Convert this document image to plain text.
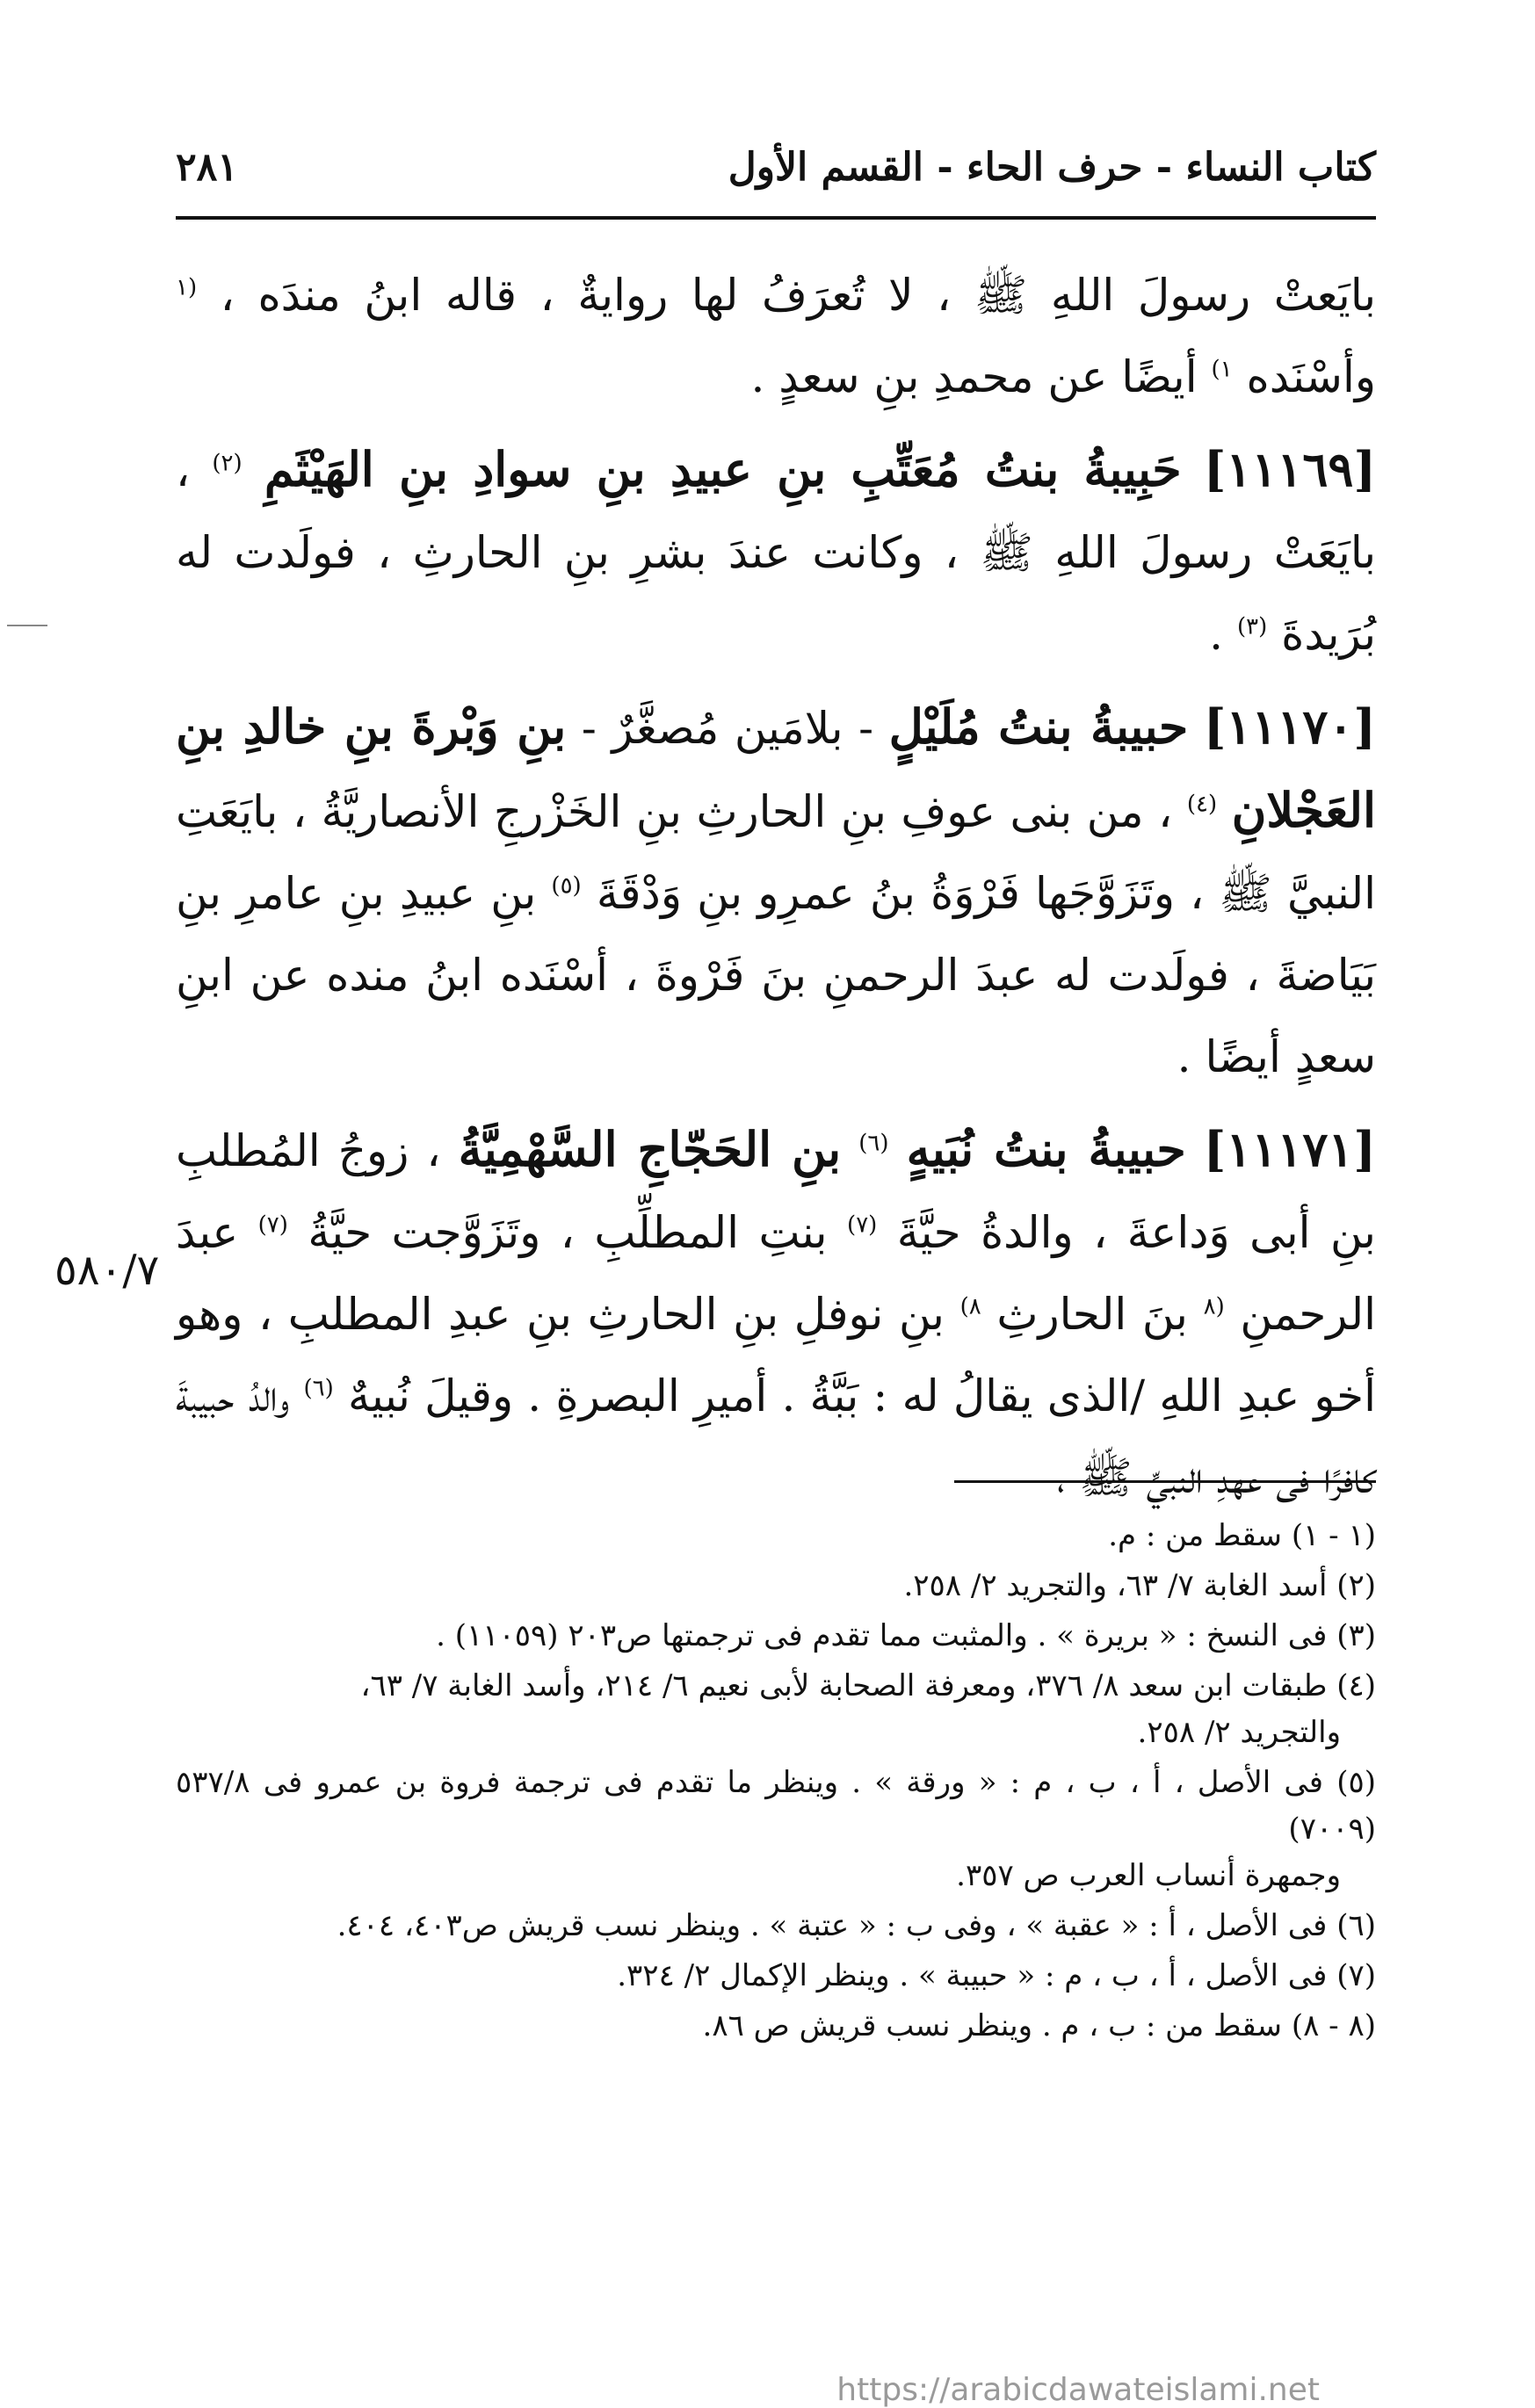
كتاب النساء - حرف الحاء - القسم الأول
٢٨١
٥٨٠/٧

بايَعتْ رسولَ اللهِ ﷺ ، لا تُعرَفُ لها روايةٌ ، قاله ابنُ مندَه ، $^{(١}$ وأسْنَده $^{١)}$ أيضًا عن محمدِ بنِ سعدٍ .

[١١١٦٩] حَبِيبةُ بنتُ مُعَتِّبِ بنِ عبيدِ بنِ سوادِ بنِ الهَيْثَمِ $^{(٢)}$ ، بايَعَتْ رسولَ اللهِ ﷺ ، وكانت عندَ بشرِ بنِ الحارثِ ، فولَدت له بُرَيدةَ $^{(٣)}$ .

[١١١٧٠] حبيبةُ بنتُ مُلَيْلٍ - بلامَين مُصغَّرٌ - بنِ وَبْرةَ بنِ خالدِ بنِ العَجْلانِ $^{(٤)}$ ، من بنى عوفِ بنِ الحارثِ بنِ الخَزْرجِ الأنصاريَّةُ ، بايَعَتِ النبيَّ ﷺ ، وتَزَوَّجَها فَرْوَةُ بنُ عمرِو بنِ وَدْقَةَ $^{(٥)}$ بنِ عبيدِ بنِ عامرِ بنِ بَيَاضةَ ، فولَدت له عبدَ الرحمنِ بنَ فَرْوةَ ، أسْنَده ابنُ منده عن ابنِ سعدٍ أيضًا .

[١١١٧١] حبيبةُ بنتُ نُبَيهٍ $^{(٦)}$ بنِ الحَجّاجِ السَّهْمِيَّةُ ، زوجُ المُطلبِ بنِ أبى وَداعةَ ، والدةُ حيَّةَ $^{(٧)}$ بنتِ المطلِّبِ ، وتَزَوَّجت حيَّةُ $^{(٧)}$ عبدَ الرحمنِ $^{(٨}$ بنَ الحارثِ $^{٨)}$ بنِ نوفلِ بنِ الحارثِ بنِ عبدِ المطلبِ ، وهو أخو عبدِ اللهِ /الذى يقالُ له : بَبَّةُ . أميرِ البصرةِ . وقيلَ نُبيهٌ $^{(٦)}$ والدُ حبيبةَ كافرًا فى عهدِ النبيِّ ﷺ ،

(١ - ١) سقط من : م.

(٢) أسد الغابة ٧/ ٦٣، والتجريد ٢/ ٢٥٨.

(٣) فى النسخ : « بريرة » . والمثبت مما تقدم فى ترجمتها ص٢٠٣ (١١٠٥٩) .

(٤) طبقات ابن سعد ٨/ ٣٧٦، ومعرفة الصحابة لأبى نعيم ٦/ ٢١٤، وأسد الغابة ٧/ ٦٣،
والتجريد ٢/ ٢٥٨.

(٥) فى الأصل ، أ ، ب ، م : « ورقة » . وينظر ما تقدم فى ترجمة فروة بن عمرو فى ٥٣٧/٨ (٧٠٠٩)
وجمهرة أنساب العرب ص ٣٥٧.

(٦) فى الأصل ، أ : « عقبة » ، وفى ب : « عتبة » . وينظر نسب قريش ص٤٠٣، ٤٠٤.

(٧) فى الأصل ، أ ، ب ، م : « حبيبة » . وينظر الإكمال ٢/ ٣٢٤.

(٨ - ٨) سقط من : ب ، م . وينظر نسب قريش ص ٨٦.

https://arabicdawateislami.net
